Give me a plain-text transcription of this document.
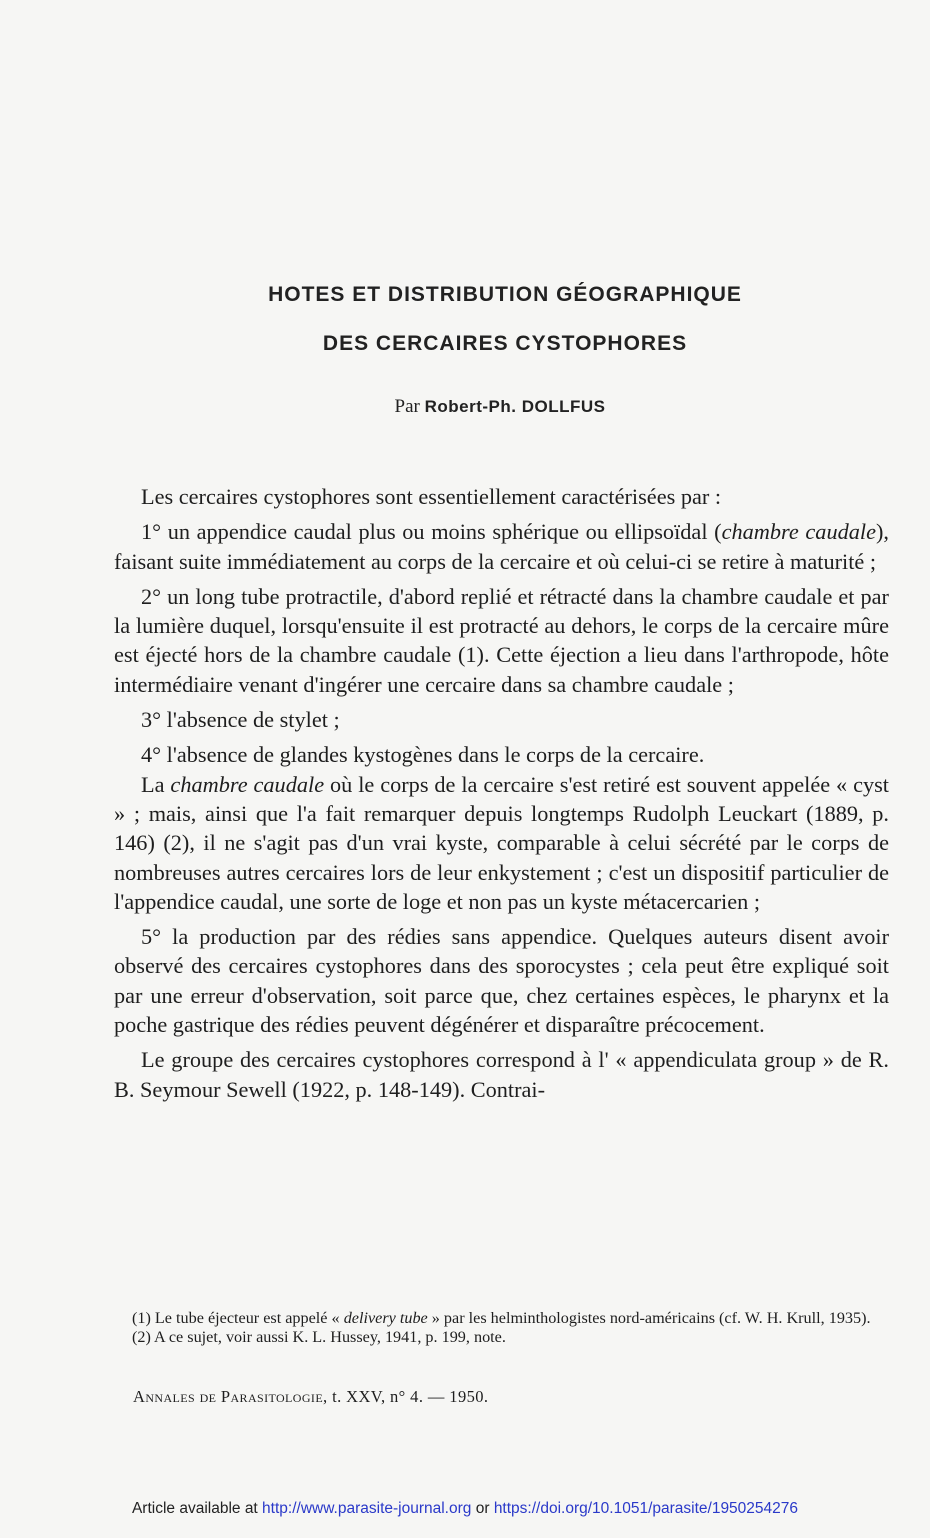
HOTES ET DISTRIBUTION GÉOGRAPHIQUE
DES CERCAIRES CYSTOPHORES
Par Robert-Ph. DOLLFUS

Les cercaires cystophores sont essentiellement caractérisées par :

1° un appendice caudal plus ou moins sphérique ou ellipsoïdal (chambre caudale), faisant suite immédiatement au corps de la cercaire et où celui-ci se retire à maturité ;

2° un long tube protractile, d'abord replié et rétracté dans la chambre caudale et par la lumière duquel, lorsqu'ensuite il est protracté au dehors, le corps de la cercaire mûre est éjecté hors de la chambre caudale (1). Cette éjection a lieu dans l'arthropode, hôte intermédiaire venant d'ingérer une cercaire dans sa chambre caudale ;

3° l'absence de stylet ;

4° l'absence de glandes kystogènes dans le corps de la cercaire.

La chambre caudale où le corps de la cercaire s'est retiré est souvent appelée « cyst » ; mais, ainsi que l'a fait remarquer depuis longtemps Rudolph Leuckart (1889, p. 146) (2), il ne s'agit pas d'un vrai kyste, comparable à celui sécrété par le corps de nombreuses autres cercaires lors de leur enkystement ; c'est un dispositif particulier de l'appendice caudal, une sorte de loge et non pas un kyste métacercarien ;

5° la production par des rédies sans appendice. Quelques auteurs disent avoir observé des cercaires cystophores dans des sporocystes ; cela peut être expliqué soit par une erreur d'observation, soit parce que, chez certaines espèces, le pharynx et la poche gastrique des rédies peuvent dégénérer et disparaître précocement.

Le groupe des cercaires cystophores correspond à l' « appendiculata group » de R. B. Seymour Sewell (1922, p. 148-149). Contrai-

(1) Le tube éjecteur est appelé « delivery tube » par les helminthologistes nord-américains (cf. W. H. Krull, 1935).

(2) A ce sujet, voir aussi K. L. Hussey, 1941, p. 199, note.

Annales de Parasitologie, t. XXV, n° 4. — 1950.
Article available at http://www.parasite-journal.org or https://doi.org/10.1051/parasite/1950254276
